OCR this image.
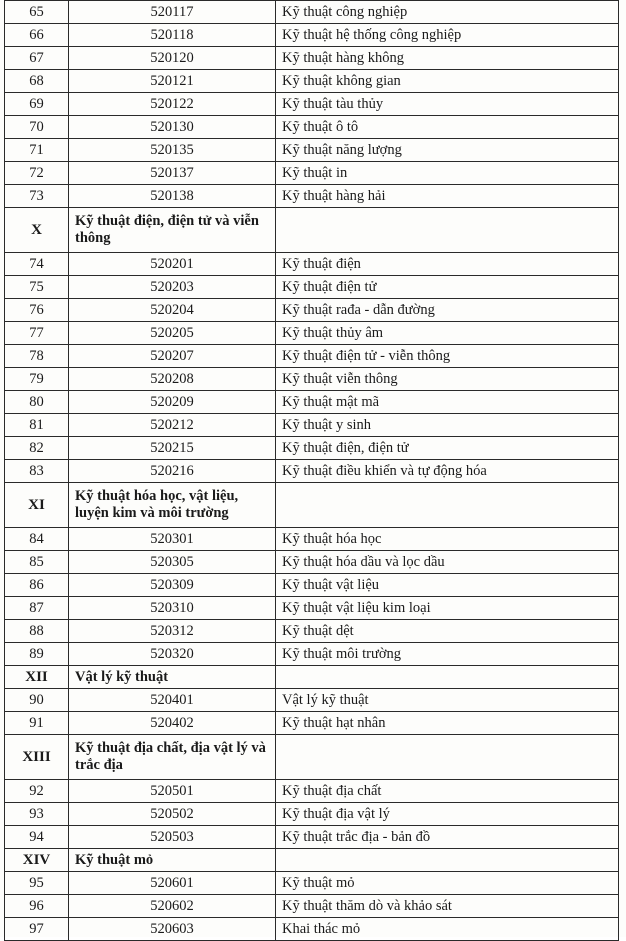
65	520117	Kỹ thuật công nghiệp
66	520118	Kỹ thuật hệ thống công nghiệp
67	520120	Kỹ thuật hàng không
68	520121	Kỹ thuật không gian
69	520122	Kỹ thuật tàu thủy
70	520130	Kỹ thuật ô tô
71	520135	Kỹ thuật năng lượng
72	520137	Kỹ thuật in
73	520138	Kỹ thuật hàng hải
X	Kỹ thuật điện, điện tử và viễn thông	
74	520201	Kỹ thuật điện
75	520203	Kỹ thuật điện tử
76	520204	Kỹ thuật rađa - dẫn đường
77	520205	Kỹ thuật thủy âm
78	520207	Kỹ thuật điện tử - viễn thông
79	520208	Kỹ thuật viễn thông
80	520209	Kỹ thuật mật mã
81	520212	Kỹ thuật y sinh
82	520215	Kỹ thuật điện, điện tử
83	520216	Kỹ thuật điều khiển và tự động hóa
XI	Kỹ thuật hóa học, vật liệu, luyện kim và môi trường	
84	520301	Kỹ thuật hóa học
85	520305	Kỹ thuật hóa dầu và lọc dầu
86	520309	Kỹ thuật vật liệu
87	520310	Kỹ thuật vật liệu kim loại
88	520312	Kỹ thuật dệt
89	520320	Kỹ thuật môi trường
XII	Vật lý kỹ thuật	
90	520401	Vật lý kỹ thuật
91	520402	Kỹ thuật hạt nhân
XIII	Kỹ thuật địa chất, địa vật lý và trắc địa	
92	520501	Kỹ thuật địa chất
93	520502	Kỹ thuật địa vật lý
94	520503	Kỹ thuật trắc địa - bản đồ
XIV	Kỹ thuật mỏ	
95	520601	Kỹ thuật mỏ
96	520602	Kỹ thuật thăm dò và khảo sát
97	520603	Khai thác mỏ
